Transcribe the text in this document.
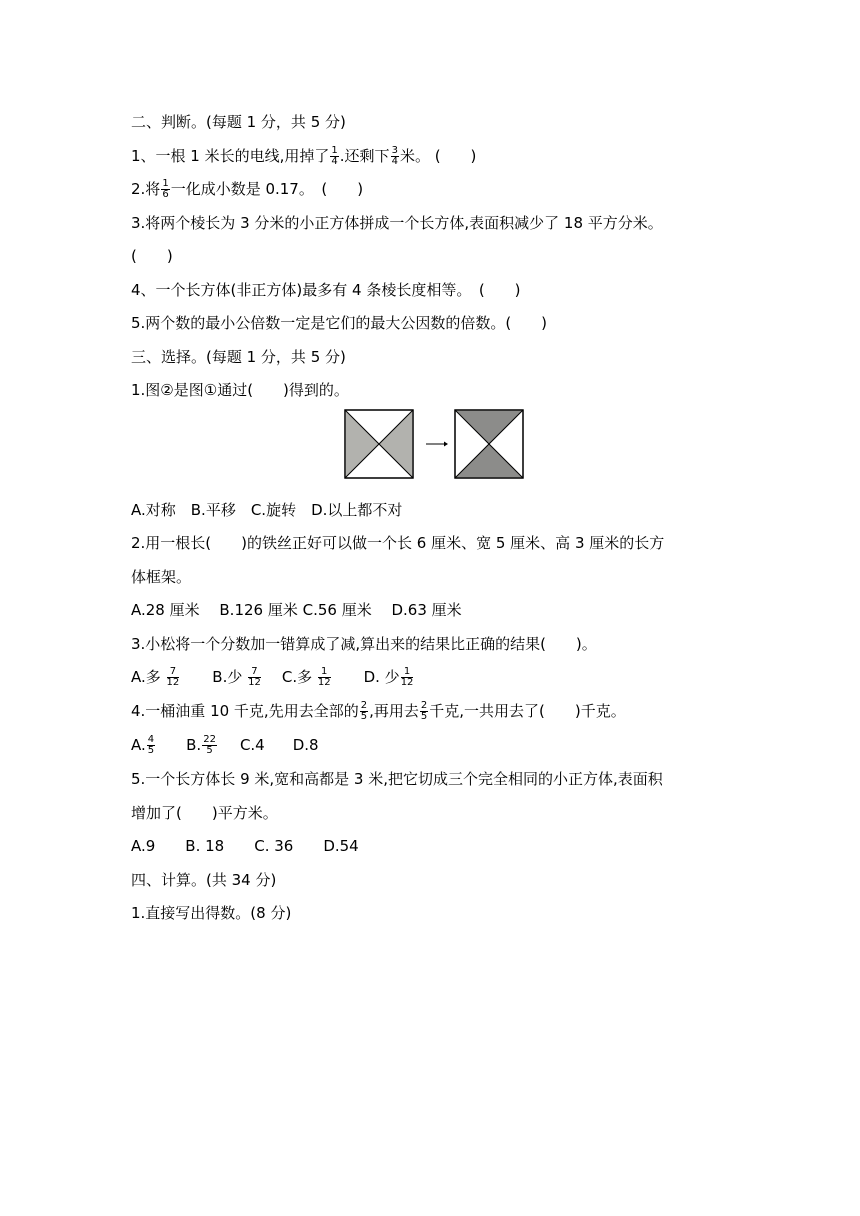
二、判断。(每题 1 分，共 5 分)
1、一根 1 米长的电线,用掉了 $\frac{1}{4}$ .还剩下 $\frac{3}{4}$ 米。 (　　)
2.将 $\frac{1}{6}$ 一化成小数是 0.17。　(　　)
3.将两个棱长为 3 分米的小正方体拼成一个长方体,表面积减少了 18 平方分米。
(　　)
4、一个长方体(非正方体)最多有 4 条棱长度相等。　(　　)
5.两个数的最小公倍数一定是它们的最大公因数的倍数。(　　)
三、选择。(每题 1 分，共 5 分)
1.图②是图①通过(　　)得到的。
A.对称　B.平移　C.旋转　D.以上都不对
2.用一根长(　　)的铁丝正好可以做一个长 6 厘米、宽 5 厘米、高 3 厘米的长方
体框架。
A.28 厘米　 B.126 厘米 C.56 厘米　 D.63 厘米
3.小松将一个分数加一错算成了减,算出来的结果比正确的结果(　　)。
A.多 $\frac{7}{12} B$.少 $\frac{7}{12} C$.多 $\frac{1}{12} D$. 少 $\frac{1}{12}$
4.一桶油重 10 千克,先用去全部的 $\frac{2}{5}$ ,再用去 $\frac{2}{5}$ 千克,一共用去了(　　)千克。
A. $\frac{4}{5} B$. $\frac{22}{5} C.4$ D.8
5.一个长方体长 9 米,宽和高都是 3 米,把它切成三个完全相同的小正方体,表面积
增加了(　　)平方米。
A.9　　B. 18　　C. 36　　D.54
四、计算。(共 34 分)
1.直接写出得数。(8 分)
